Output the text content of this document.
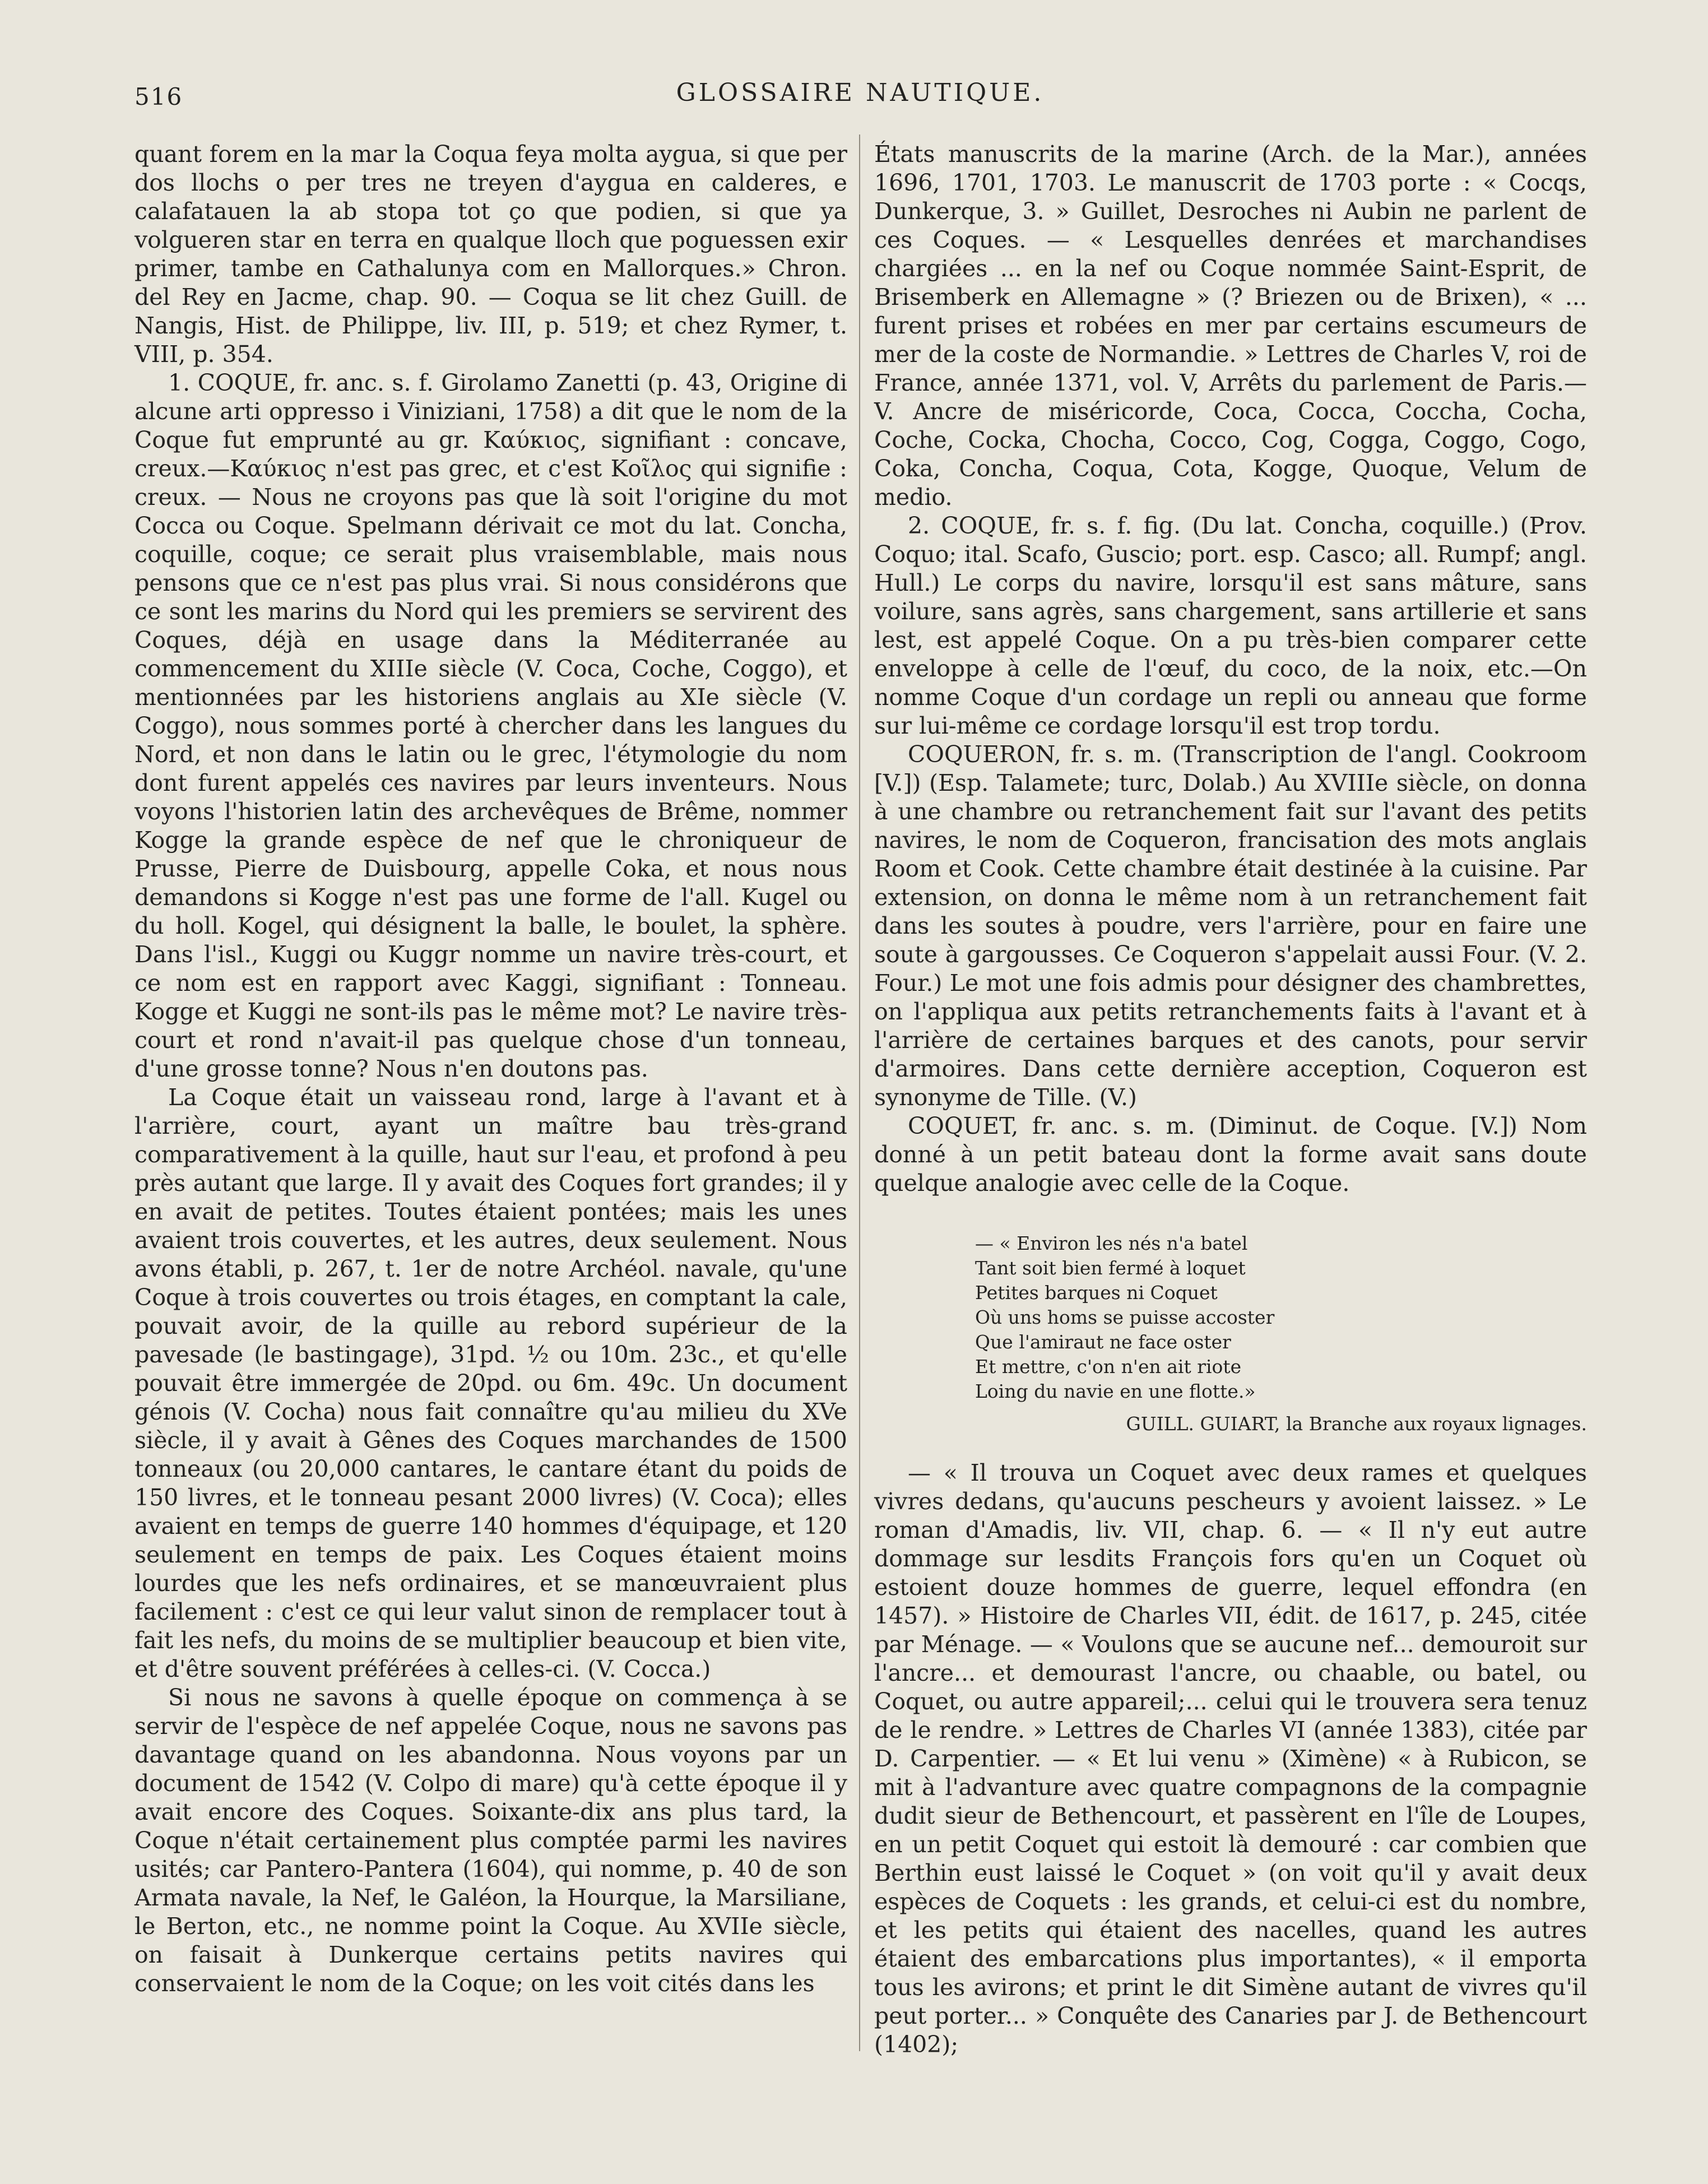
516	GLOSSAIRE NAUTIQUE.

quant forem en la mar la Coqua feya molta aygua, si que per dos llochs o per tres ne treyen d'aygua en calderes, e calafatauen la ab stopa tot ço que podien, si que ya volgueren star en terra en qualque lloch que poguessen exir primer, tambe en Cathalunya com en Mallorques.» Chron. del Rey en Jacme, chap. 90. — Coqua se lit chez Guill. de Nangis, Hist. de Philippe, liv. III, p. 519; et chez Rymer, t. VIII, p. 354.

1. COQUE, fr. anc. s. f. Girolamo Zanetti (p. 43, Origine di alcune arti oppresso i Viniziani, 1758) a dit que le nom de la Coque fut emprunté au gr. Καύκιος, signifiant : concave, creux.—Καύκιος n'est pas grec, et c'est Κοῖλος qui signifie : creux. — Nous ne croyons pas que là soit l'origine du mot Cocca ou Coque. Spelmann dérivait ce mot du lat. Concha, coquille, coque; ce serait plus vraisemblable, mais nous pensons que ce n'est pas plus vrai. Si nous considérons que ce sont les marins du Nord qui les premiers se servirent des Coques, déjà en usage dans la Méditerranée au commencement du XIIIe siècle (V. Coca, Coche, Coggo), et mentionnées par les historiens anglais au XIe siècle (V. Coggo), nous sommes porté à chercher dans les langues du Nord, et non dans le latin ou le grec, l'étymologie du nom dont furent appelés ces navires par leurs inventeurs. Nous voyons l'historien latin des archevêques de Brême, nommer Kogge la grande espèce de nef que le chroniqueur de Prusse, Pierre de Duisbourg, appelle Coka, et nous nous demandons si Kogge n'est pas une forme de l'all. Kugel ou du holl. Kogel, qui désignent la balle, le boulet, la sphère. Dans l'isl., Kuggi ou Kuggr nomme un navire très-court, et ce nom est en rapport avec Kaggi, signifiant : Tonneau. Kogge et Kuggi ne sont-ils pas le même mot? Le navire très-court et rond n'avait-il pas quelque chose d'un tonneau, d'une grosse tonne? Nous n'en doutons pas.

La Coque était un vaisseau rond, large à l'avant et à l'arrière, court, ayant un maître bau très-grand comparativement à la quille, haut sur l'eau, et profond à peu près autant que large. Il y avait des Coques fort grandes; il y en avait de petites. Toutes étaient pontées; mais les unes avaient trois couvertes, et les autres, deux seulement. Nous avons établi, p. 267, t. 1er de notre Archéol. navale, qu'une Coque à trois couvertes ou trois étages, en comptant la cale, pouvait avoir, de la quille au rebord supérieur de la pavesade (le bastingage), 31pd. ½ ou 10m. 23c., et qu'elle pouvait être immergée de 20pd. ou 6m. 49c. Un document génois (V. Cocha) nous fait connaître qu'au milieu du XVe siècle, il y avait à Gênes des Coques marchandes de 1500 tonneaux (ou 20,000 cantares, le cantare étant du poids de 150 livres, et le tonneau pesant 2000 livres) (V. Coca); elles avaient en temps de guerre 140 hommes d'équipage, et 120 seulement en temps de paix. Les Coques étaient moins lourdes que les nefs ordinaires, et se manœuvraient plus facilement : c'est ce qui leur valut sinon de remplacer tout à fait les nefs, du moins de se multiplier beaucoup et bien vite, et d'être souvent préférées à celles-ci. (V. Cocca.)

Si nous ne savons à quelle époque on commença à se servir de l'espèce de nef appelée Coque, nous ne savons pas davantage quand on les abandonna. Nous voyons par un document de 1542 (V. Colpo di mare) qu'à cette époque il y avait encore des Coques. Soixante-dix ans plus tard, la Coque n'était certainement plus comptée parmi les navires usités; car Pantero-Pantera (1604), qui nomme, p. 40 de son Armata navale, la Nef, le Galéon, la Hourque, la Marsiliane, le Berton, etc., ne nomme point la Coque. Au XVIIe siècle, on faisait à Dunkerque certains petits navires qui conservaient le nom de la Coque; on les voit cités dans les

États manuscrits de la marine (Arch. de la Mar.), années 1696, 1701, 1703. Le manuscrit de 1703 porte : « Cocqs, Dunkerque, 3. » Guillet, Desroches ni Aubin ne parlent de ces Coques. — « Lesquelles denrées et marchandises chargiées ... en la nef ou Coque nommée Saint-Esprit, de Brisemberk en Allemagne » (? Briezen ou de Brixen), « ... furent prises et robées en mer par certains escumeurs de mer de la coste de Normandie. » Lettres de Charles V, roi de France, année 1371, vol. V, Arrêts du parlement de Paris.— V. Ancre de miséricorde, Coca, Cocca, Coccha, Cocha, Coche, Cocka, Chocha, Cocco, Cog, Cogga, Coggo, Cogo, Coka, Concha, Coqua, Cota, Kogge, Quoque, Velum de medio.

2. COQUE, fr. s. f. fig. (Du lat. Concha, coquille.) (Prov. Coquo; ital. Scafo, Guscio; port. esp. Casco; all. Rumpf; angl. Hull.) Le corps du navire, lorsqu'il est sans mâture, sans voilure, sans agrès, sans chargement, sans artillerie et sans lest, est appelé Coque. On a pu très-bien comparer cette enveloppe à celle de l'œuf, du coco, de la noix, etc.—On nomme Coque d'un cordage un repli ou anneau que forme sur lui-même ce cordage lorsqu'il est trop tordu.

COQUERON, fr. s. m. (Transcription de l'angl. Cookroom [V.]) (Esp. Talamete; turc, Dolab.) Au XVIIIe siècle, on donna à une chambre ou retranchement fait sur l'avant des petits navires, le nom de Coqueron, francisation des mots anglais Room et Cook. Cette chambre était destinée à la cuisine. Par extension, on donna le même nom à un retranchement fait dans les soutes à poudre, vers l'arrière, pour en faire une soute à gargousses. Ce Coqueron s'appelait aussi Four. (V. 2. Four.) Le mot une fois admis pour désigner des chambrettes, on l'appliqua aux petits retranchements faits à l'avant et à l'arrière de certaines barques et des canots, pour servir d'armoires. Dans cette dernière acception, Coqueron est synonyme de Tille. (V.)

COQUET, fr. anc. s. m. (Diminut. de Coque. [V.]) Nom donné à un petit bateau dont la forme avait sans doute quelque analogie avec celle de la Coque.

— « Environ les nés n'a batel
Tant soit bien fermé à loquet
Petites barques ni Coquet
Où uns homs se puisse accoster
Que l'amiraut ne face oster
Et mettre, c'on n'en ait riote
Loing du navie en une flotte.»
GUILL. GUIART, la Branche aux royaux lignages.

— « Il trouva un Coquet avec deux rames et quelques vivres dedans, qu'aucuns pescheurs y avoient laissez. » Le roman d'Amadis, liv. VII, chap. 6. — « Il n'y eut autre dommage sur lesdits François fors qu'en un Coquet où estoient douze hommes de guerre, lequel effondra (en 1457). » Histoire de Charles VII, édit. de 1617, p. 245, citée par Ménage. — « Voulons que se aucune nef... demouroit sur l'ancre... et demourast l'ancre, ou chaable, ou batel, ou Coquet, ou autre appareil;... celui qui le trouvera sera tenuz de le rendre. » Lettres de Charles VI (année 1383), citée par D. Carpentier. — « Et lui venu » (Ximène) « à Rubicon, se mit à l'advanture avec quatre compagnons de la compagnie dudit sieur de Bethencourt, et passèrent en l'île de Loupes, en un petit Coquet qui estoit là demouré : car combien que Berthin eust laissé le Coquet » (on voit qu'il y avait deux espèces de Coquets : les grands, et celui-ci est du nombre, et les petits qui étaient des nacelles, quand les autres étaient des embarcations plus importantes), « il emporta tous les avirons; et print le dit Simène autant de vivres qu'il peut porter... » Conquête des Canaries par J. de Bethencourt (1402);
